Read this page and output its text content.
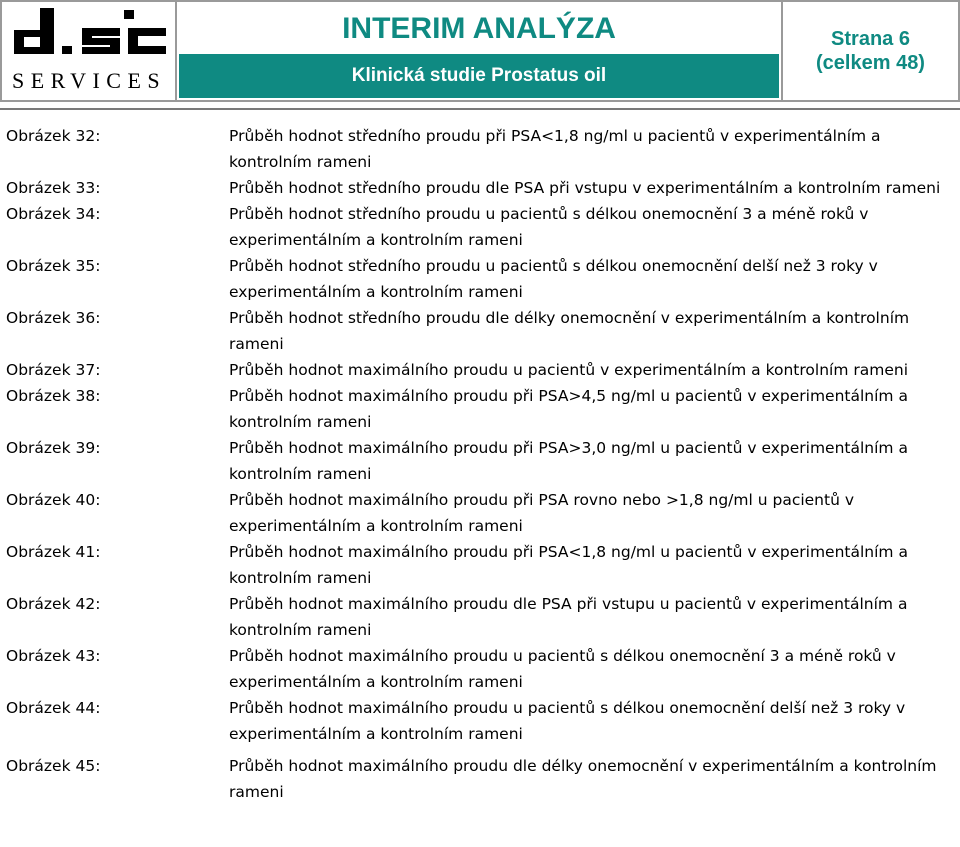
SERVICES
INTERIM ANALÝZA
Klinická studie Prostatus oil
Strana 6
(celkem 48)
Obrázek 32:	Průběh hodnot středního proudu při PSA<1,8 ng/ml u pacientů v experimentálním a kontrolním rameni
Obrázek 33:	Průběh hodnot středního proudu dle PSA při vstupu v experimentálním a kontrolním rameni
Obrázek 34:	Průběh hodnot středního proudu u pacientů s délkou onemocnění 3 a méně roků v experimentálním a kontrolním rameni
Obrázek 35:	Průběh hodnot středního proudu u pacientů s délkou onemocnění delší než 3 roky v experimentálním a kontrolním rameni
Obrázek 36:	Průběh hodnot středního proudu dle délky onemocnění v experimentálním a kontrolním rameni
Obrázek 37:	Průběh hodnot maximálního proudu u pacientů v experimentálním a kontrolním rameni
Obrázek 38:	Průběh hodnot maximálního proudu při PSA>4,5 ng/ml u pacientů v experimentálním a kontrolním rameni
Obrázek 39:	Průběh hodnot maximálního proudu při PSA>3,0 ng/ml u pacientů v experimentálním a kontrolním rameni
Obrázek 40:	Průběh hodnot maximálního proudu při PSA rovno nebo >1,8 ng/ml u pacientů v experimentálním a kontrolním rameni
Obrázek 41:	Průběh hodnot maximálního proudu při PSA<1,8 ng/ml u pacientů v experimentálním a kontrolním rameni
Obrázek 42:	Průběh hodnot maximálního proudu dle PSA při vstupu u pacientů v experimentálním a kontrolním rameni
Obrázek 43:	Průběh hodnot maximálního proudu u pacientů s délkou onemocnění 3 a méně roků v experimentálním a kontrolním rameni
Obrázek 44:	Průběh hodnot maximálního proudu u pacientů s délkou onemocnění delší než 3 roky v experimentálním a kontrolním rameni
Obrázek 45:	Průběh hodnot maximálního proudu dle délky onemocnění v experimentálním a kontrolním rameni
